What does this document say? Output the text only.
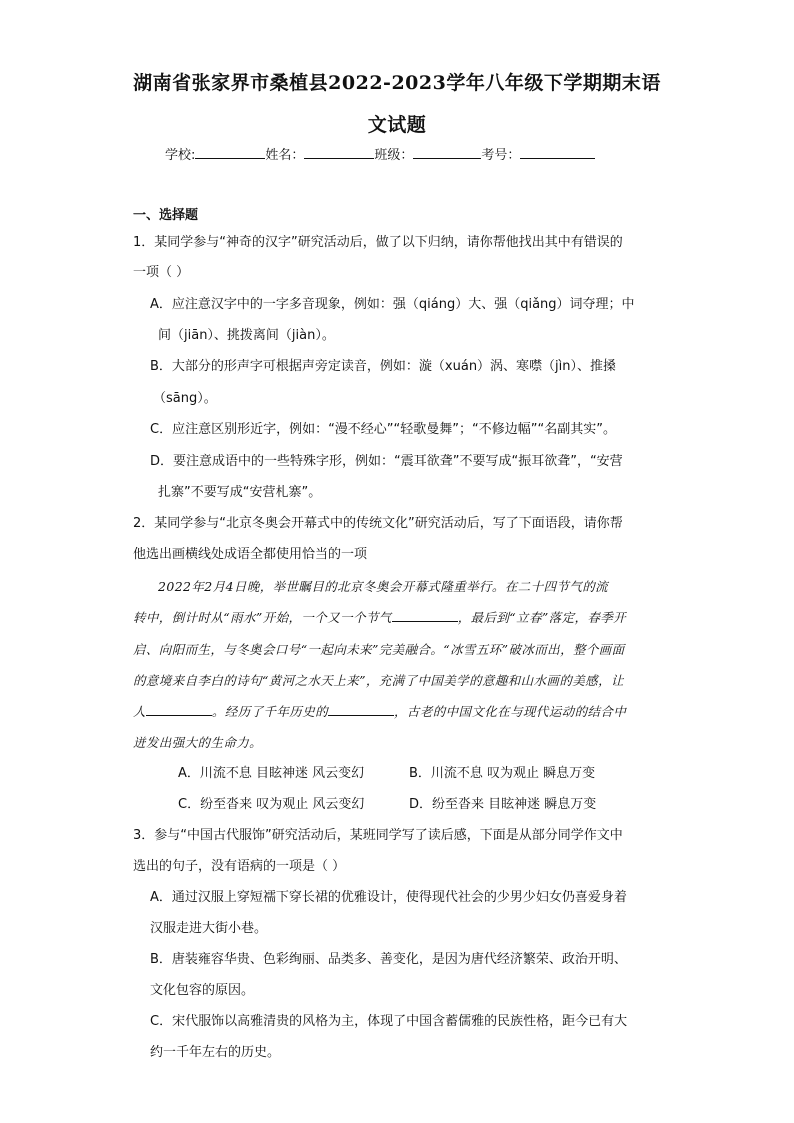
湖南省张家界市桑植县2022-2023学年八年级下学期期末语
文试题
学校:	姓名：	班级：	考号：
一、选择题
1．某同学参与“神奇的汉字”研究活动后，做了以下归纳，请你帮他找出其中有错误的
一项（ ）
A．应注意汉字中的一字多音现象，例如：强（qiáng）大、强（qiǎng）词夺理；中
间（jiān）、挑拨离间（jiàn）。
B．大部分的形声字可根据声旁定读音，例如：漩（xuán）涡、寒噤（jìn）、推搡
（sāng）。
C．应注意区别形近字，例如：“漫不经心”“轻歌曼舞”；“不修边幅”“名副其实”。
D．要注意成语中的一些特殊字形，例如：“震耳欲聋”不要写成“振耳欲聋”，“安营
扎寨”不要写成“安营札寨”。
2．某同学参与“北京冬奥会开幕式中的传统文化”研究活动后，写了下面语段，请你帮
他选出画横线处成语全都使用恰当的一项
2022年2月4日晚，举世瞩目的北京冬奥会开幕式隆重举行。在二十四节气的流
转中，倒计时从“雨水”开始，一个又一个节气	，最后到“立春”落定，春季开
启、向阳而生，与冬奥会口号“一起向未来”完美融合。“冰雪五环”破冰而出，整个画面
的意境来自李白的诗句“黄河之水天上来”，充满了中国美学的意趣和山水画的美感，让
人	。经历了千年历史的	，古老的中国文化在与现代运动的结合中
迸发出强大的生命力。
A．川流不息 目眩神迷 风云变幻	B．川流不息 叹为观止 瞬息万变
C．纷至沓来 叹为观止 风云变幻	D．纷至沓来 目眩神迷 瞬息万变
3．参与“中国古代服饰”研究活动后，某班同学写了读后感，下面是从部分同学作文中
选出的句子，没有语病的一项是（ ）
A．通过汉服上穿短襦下穿长裙的优雅设计，使得现代社会的少男少妇女仍喜爱身着
汉服走进大街小巷。
B．唐装雍容华贵、色彩绚丽、品类多、善变化，是因为唐代经济繁荣、政治开明、
文化包容的原因。
C．宋代服饰以高雅清贵的风格为主，体现了中国含蓄儒雅的民族性格，距今已有大
约一千年左右的历史。
